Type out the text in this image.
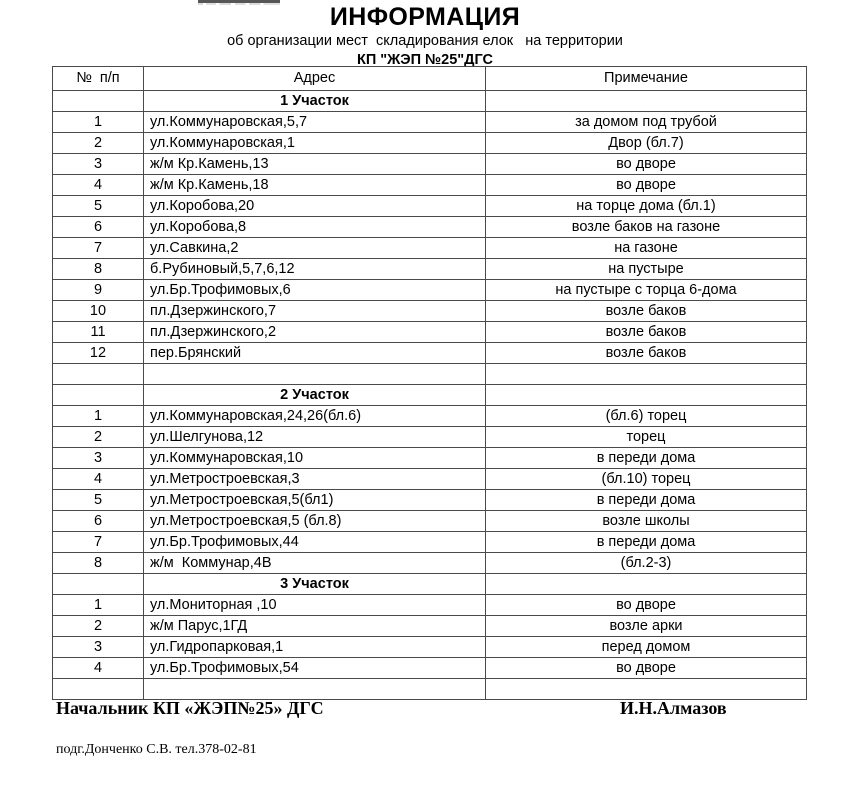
ИНФОРМАЦИЯ
об организации мест  складирования елок   на территории
КП "ЖЭП №25"ДГС
№  п/п	Адрес	Примечание
	1 Участок	
1	ул.Коммунаровская,5,7	за домом под трубой
2	ул.Коммунаровская,1	Двор (бл.7)
3	ж/м Кр.Камень,13	во дворе
4	ж/м Кр.Камень,18	во дворе
5	ул.Коробова,20	на торце дома (бл.1)
6	ул.Коробова,8	возле баков на газоне
7	ул.Савкина,2	на газоне
8	б.Рубиновый,5,7,6,12	на пустыре
9	ул.Бр.Трофимовых,6	на пустыре с торца 6-дома
10	пл.Дзержинского,7	возле баков
11	пл.Дзержинского,2	возле баков
12	пер.Брянский	возле баков

	2 Участок	
1	ул.Коммунаровская,24,26(бл.6)	(бл.6) торец
2	ул.Шелгунова,12	торец
3	ул.Коммунаровская,10	в переди дома
4	ул.Метростроевская,3	(бл.10) торец
5	ул.Метростроевская,5(бл1)	в переди дома
6	ул.Метростроевская,5 (бл.8)	возле школы
7	ул.Бр.Трофимовых,44	в переди дома
8	ж/м  Коммунар,4В	(бл.2-3)
	3 Участок	
1	ул.Мониторная ,10	во дворе
2	ж/м Парус,1ГД	возле арки
3	ул.Гидропарковая,1	перед домом
4	ул.Бр.Трофимовых,54	во дворе

Начальник КП «ЖЭП№25» ДГС	И.Н.Алмазов
подг.Донченко С.В. тел.378-02-81
